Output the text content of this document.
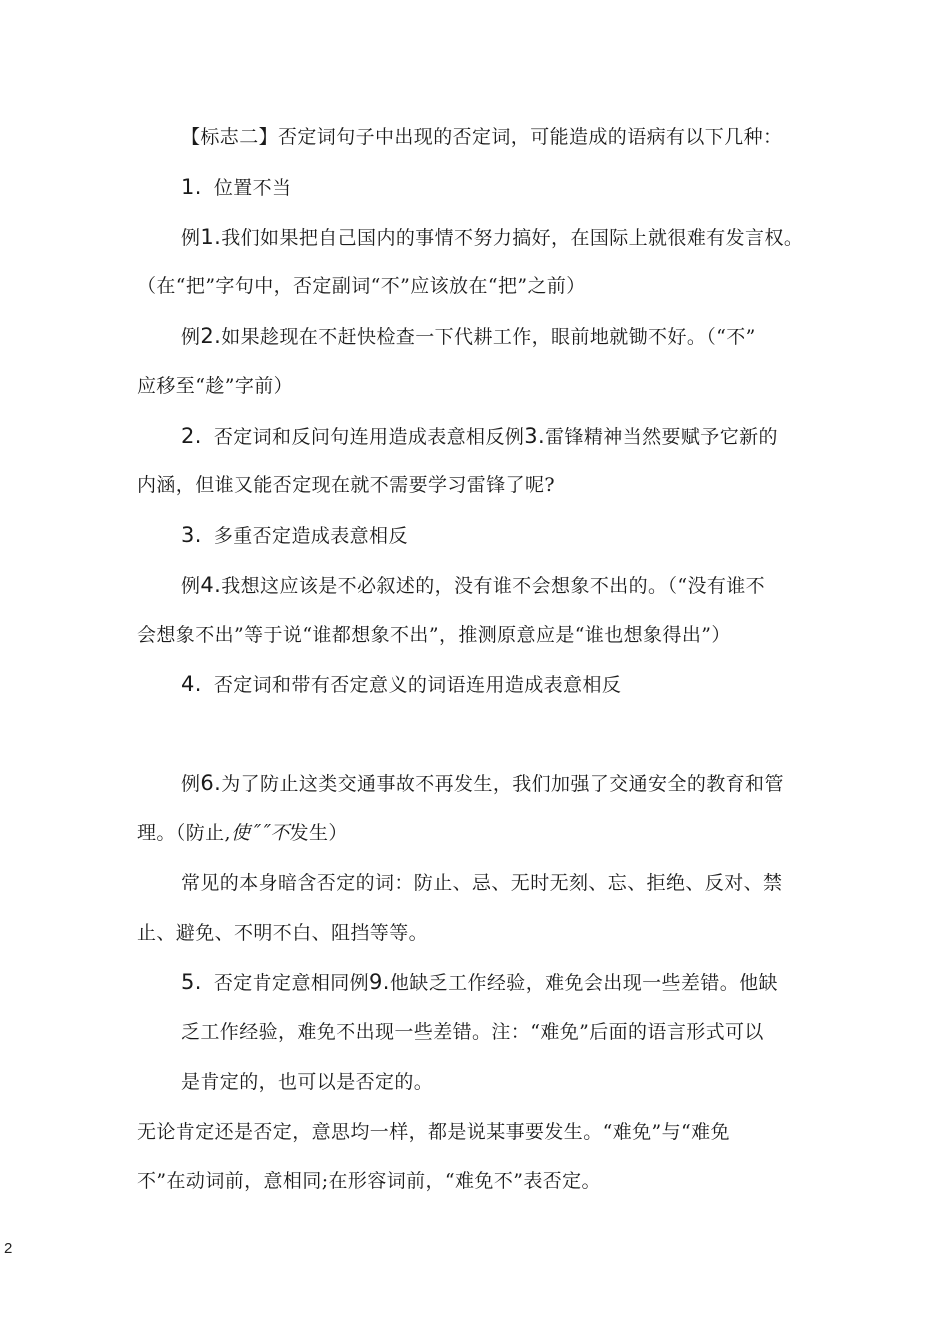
【标志二】否定词句子中出现的否定词，可能造成的语病有以下几种：
1. 位置不当
例1.我们如果把自己国内的事情不努力搞好，在国际上就很难有发言权。
（在“把”字句中，否定副词“不”应该放在“把”之前）
例2.如果趁现在不赶快检查一下代耕工作，眼前地就锄不好。（“不”
应移至“趁”字前）
2. 否定词和反问句连用造成表意相反例3.雷锋精神当然要赋予它新的
内涵，但谁又能否定现在就不需要学习雷锋了呢?
3. 多重否定造成表意相反
例4.我想这应该是不必叙述的，没有谁不会想象不出的。（“没有谁不
会想象不出”等于说“谁都想象不出”，推测原意应是“谁也想象得出”）
4. 否定词和带有否定意义的词语连用造成表意相反
例6.为了防止这类交通事故不再发生，我们加强了交通安全的教育和管
理。（防止,使˝˝不发生）
常见的本身暗含否定的词：防止、忌、无时无刻、忘、拒绝、反对、禁
止、避免、不明不白、阻挡等等。
5. 否定肯定意相同例9.他缺乏工作经验，难免会出现一些差错。他缺
乏工作经验，难免不出现一些差错。注：“难免”后面的语言形式可以
是肯定的，也可以是否定的。
无论肯定还是否定，意思均一样，都是说某事要发生。“难免”与“难免
不”在动词前，意相同;在形容词前，“难免不”表否定。
2
